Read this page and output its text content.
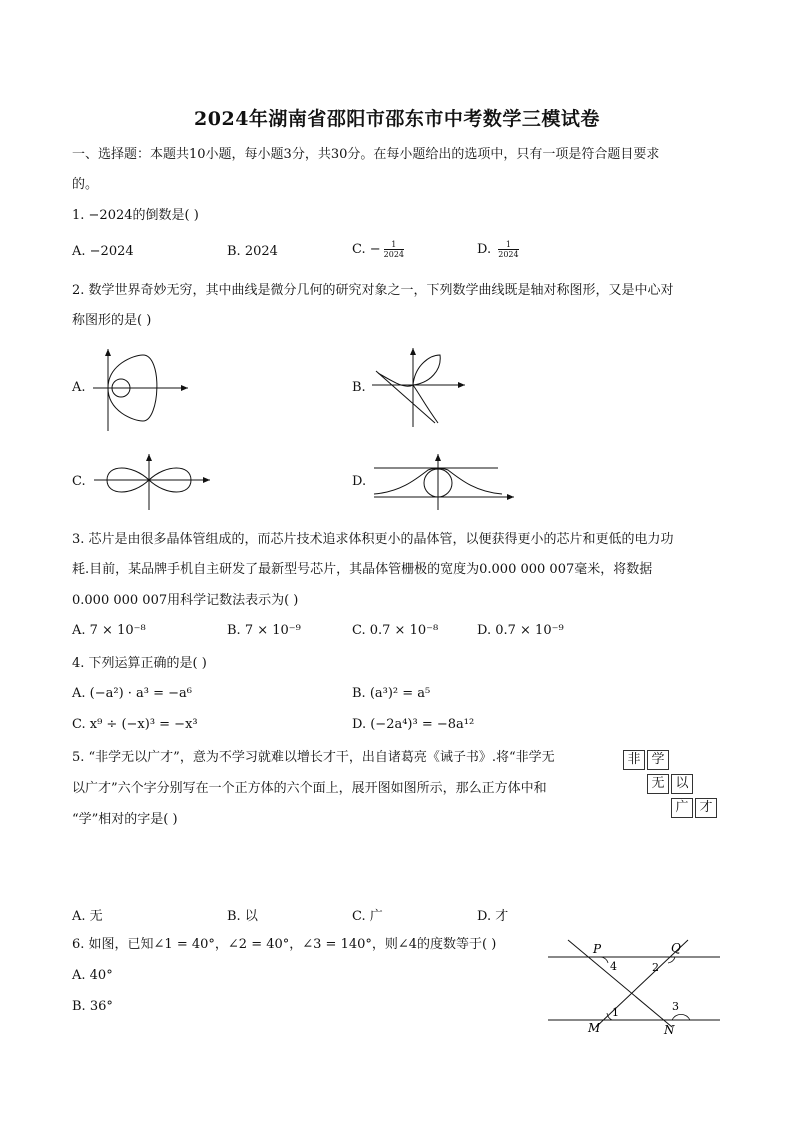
2024年湖南省邵阳市邵东市中考数学三模试卷
一、选择题：本题共10小题，每小题3分，共30分。在每小题给出的选项中，只有一项是符合题目要求
的。
1. −2024的倒数是( )
A. −2024	B. 2024	C. − $\frac{1}{2024}$	D. $\frac{1}{2024}$
2. 数学世界奇妙无穷，其中曲线是微分几何的研究对象之一，下列数学曲线既是轴对称图形，又是中心对
称图形的是( )
A.	B.
C.	D.
3. 芯片是由很多晶体管组成的，而芯片技术追求体积更小的晶体管，以便获得更小的芯片和更低的电力功
耗.目前，某品牌手机自主研发了最新型号芯片，其晶体管栅极的宽度为0.000 000 007毫米，将数据
0.000 000 007用科学记数法表示为( )
A. 7 × 10⁻⁸	B. 7 × 10⁻⁹	C. 0.7 × 10⁻⁸	D. 0.7 × 10⁻⁹
4. 下列运算正确的是( )
A. (−a²) · a³ = −a⁶	B. (a³)² = a⁵
C. x⁹ ÷ (−x)³ = −x³	D. (−2a⁴)³ = −8a¹²
5. “非学无以广才”，意为不学习就难以增长才干，出自诸葛亮《诫子书》.将“非学无
以广才”六个字分别写在一个正方体的六个面上，展开图如图所示，那么正方体中和
“学”相对的字是( )
非 学
无 以
广 才
A. 无	B. 以	C. 广	D. 才
6. 如图，已知∠1 = 40°，∠2 = 40°，∠3 = 140°，则∠4的度数等于( )
A. 40°
B. 36°
P	Q
M	N
1
2
3
4
